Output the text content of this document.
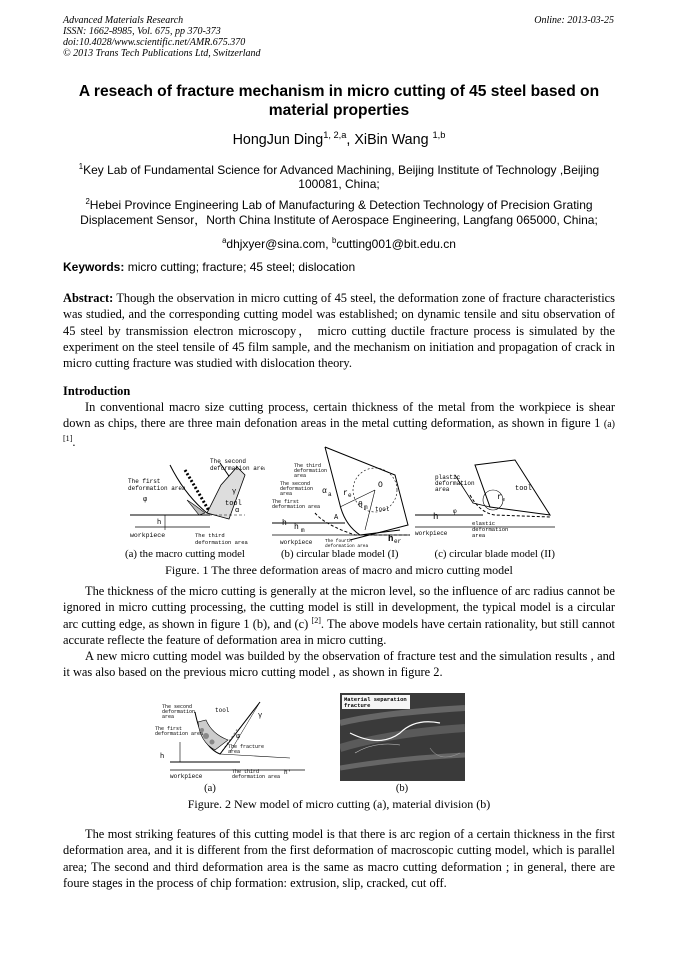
Advanced Materials Research
ISSN: 1662-8985, Vol. 675, pp 370-373
doi:10.4028/www.scientific.net/AMR.675.370
© 2013 Trans Tech Publications Ltd, Switzerland
Online: 2013-03-25
A reseach of fracture mechanism in micro cutting of 45 steel based on
material properties
HongJun Ding$^{1, 2,a}$, XiBin Wang $^{1,b}$
$^1$Key Lab of Fundamental Science for Advanced Machining, Beijing Institute of Technology ,Beijing
100081, China;
$^2$Hebei Province Engineering Lab of Manufacturing & Detection Technology of Precision Grating
Displacement Sensor，North China Institute of Aerospace Engineering, Langfang 065000, China;
$^a$dhjxyer@sina.com, $^b$cutting001@bit.edu.cn
Keywords: micro cutting; fracture; 45 steel; dislocation
Abstract: Though the observation in micro cutting of 45 steel, the deformation zone of fracture characteristics was studied, and the corresponding cutting model was established; on dynamic tensile and situ observation of 45 steel by transmission electron microscopy， micro cutting ductile fracture process is simulated by the experiment on the steel tensile of 45 film sample, and the mechanism on initiation and propagation of crack in micro cutting fracture was studied with dislocation theory.
Introduction
In conventional macro size cutting process, certain thickness of the metal from the workpiece is shear down as chips, there are three main defonation areas in the metal cutting deformation, as shown in figure 1 (a) [1].
The second
deformation area
The first
deformation area
tool
workpiece	The third
deformation area
φ
h
γ
α
The third
deformation
area
The second
deformation
area
The first
deformation area	tool
workpiece	The fourth
deformation area
h h m
r e
θ m
O
A
α a
h er
plastic
deformation
area	tool
h
r e
elastic
deformation
area
workpiece
φ
(a) the macro cutting model	(b) circular blade model (I)	(c) circular blade model (II)
Figure. 1 The three deformation areas of macro and micro cutting model
The thickness of the micro cutting is generally at the micron level, so the influence of arc radius cannot be ignored in micro cutting processing, the cutting model is still in development, the typical model is a circular arc cutting edge, as shown in figure 1 (b), and (c) [2]. The above models have certain rationality, but still cannot accurate reflecte the feature of deformation area in micro cutting.
A new micro cutting model was builded by the observation of fracture test and the simulation results , and it was also based on the previous micro cutting model , as shown in figure 2.
The second
deformation
area
tool
The first
deformation area
The fracture
area
h
workpiece
The third
deformation area
h'
γ
φ
Material separation
fracture
(a)	(b)
Figure. 2 New model of micro cutting (a), material division (b)
The most striking features of this cutting model is that there is arc region of a certain thickness in the first deformation area, and it is different from the first deformation of macroscopic cutting model, which is parallel area; The second and third deformation area is the same as macro cutting deformation ; in general, there are foure stages in the process of chip formation: extrusion, slip, cracked, cut off.
